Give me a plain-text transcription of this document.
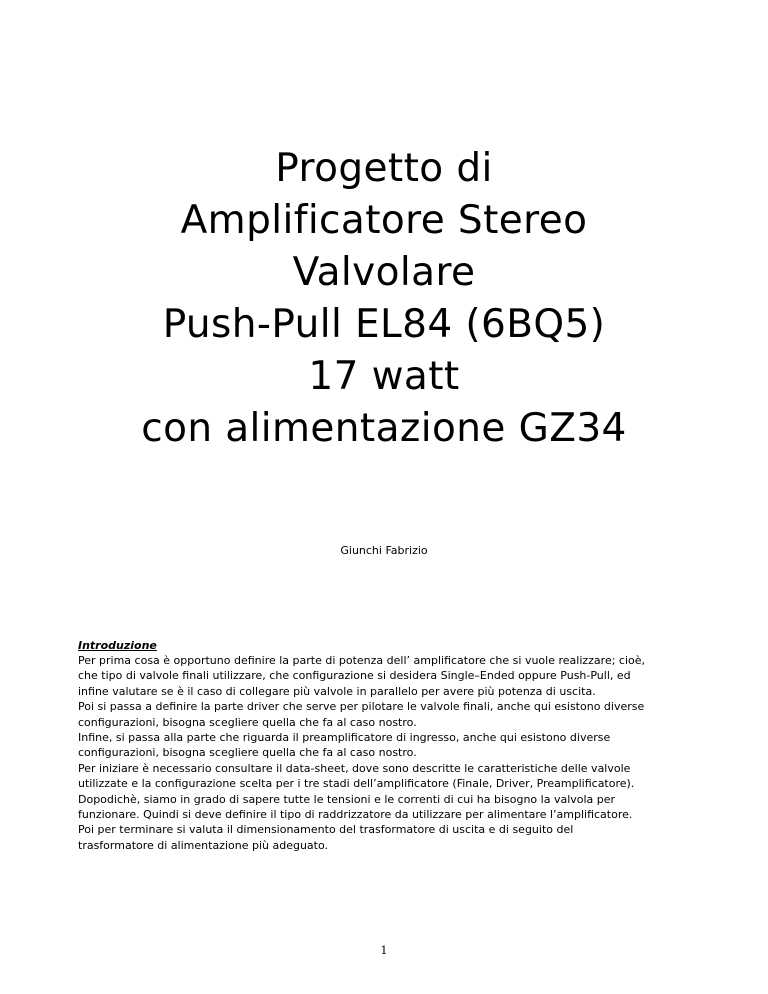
Progetto di
Amplificatore Stereo
Valvolare
Push-Pull EL84 (6BQ5)
17 watt
con alimentazione GZ34
Giunchi Fabrizio
Introduzione
Per prima cosa è opportuno definire la parte di potenza dell’ amplificatore che si vuole realizzare; cioè,
che tipo di valvole finali utilizzare, che configurazione si desidera Single–Ended oppure Push-Pull, ed
infine valutare se è il caso di collegare più valvole in parallelo per avere più potenza di uscita.
Poi si passa a definire la parte driver che serve per pilotare le valvole finali, anche qui esistono diverse
configurazioni, bisogna scegliere quella che fa al caso nostro.
Infine, si passa alla parte che riguarda il preamplificatore di ingresso, anche qui esistono diverse
configurazioni, bisogna scegliere quella che fa al caso nostro.
Per iniziare è necessario consultare il data-sheet, dove sono descritte le caratteristiche delle valvole
utilizzate e la configurazione scelta per i tre stadi dell’amplificatore (Finale, Driver, Preamplificatore).
Dopodichè, siamo in grado di sapere tutte le tensioni e le correnti di cui ha bisogno la valvola per
funzionare. Quindi si deve definire il tipo di raddrizzatore da utilizzare per alimentare l’amplificatore.
Poi per terminare si valuta il dimensionamento del trasformatore di uscita e di seguito del
trasformatore di alimentazione più adeguato.
1
